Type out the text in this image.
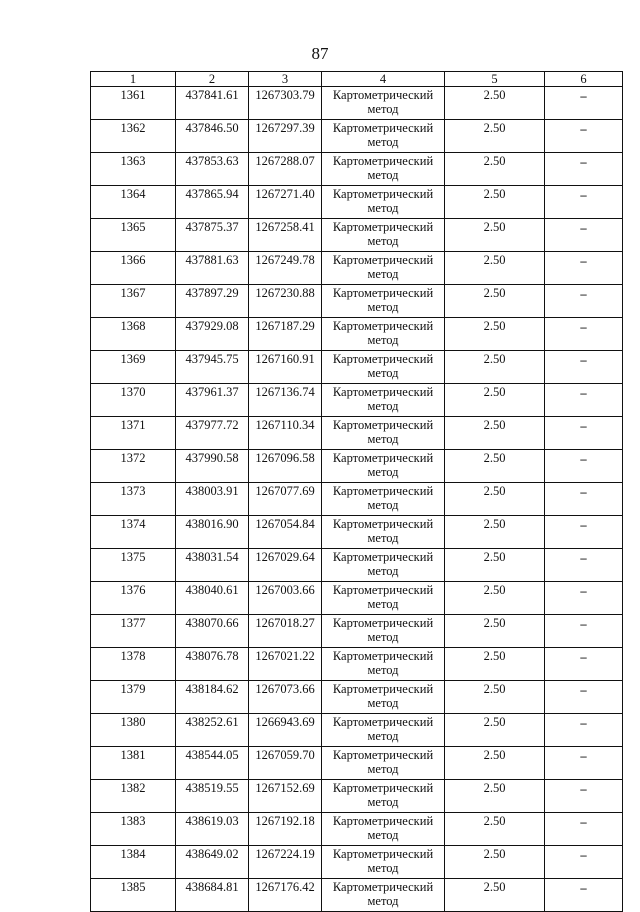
87
1	2	3	4	5	6
1361	437841.61	1267303.79	Картометрический метод	2.50	–
1362	437846.50	1267297.39	Картометрический метод	2.50	–
1363	437853.63	1267288.07	Картометрический метод	2.50	–
1364	437865.94	1267271.40	Картометрический метод	2.50	–
1365	437875.37	1267258.41	Картометрический метод	2.50	–
1366	437881.63	1267249.78	Картометрический метод	2.50	–
1367	437897.29	1267230.88	Картометрический метод	2.50	–
1368	437929.08	1267187.29	Картометрический метод	2.50	–
1369	437945.75	1267160.91	Картометрический метод	2.50	–
1370	437961.37	1267136.74	Картометрический метод	2.50	–
1371	437977.72	1267110.34	Картометрический метод	2.50	–
1372	437990.58	1267096.58	Картометрический метод	2.50	–
1373	438003.91	1267077.69	Картометрический метод	2.50	–
1374	438016.90	1267054.84	Картометрический метод	2.50	–
1375	438031.54	1267029.64	Картометрический метод	2.50	–
1376	438040.61	1267003.66	Картометрический метод	2.50	–
1377	438070.66	1267018.27	Картометрический метод	2.50	–
1378	438076.78	1267021.22	Картометрический метод	2.50	–
1379	438184.62	1267073.66	Картометрический метод	2.50	–
1380	438252.61	1266943.69	Картометрический метод	2.50	–
1381	438544.05	1267059.70	Картометрический метод	2.50	–
1382	438519.55	1267152.69	Картометрический метод	2.50	–
1383	438619.03	1267192.18	Картометрический метод	2.50	–
1384	438649.02	1267224.19	Картометрический метод	2.50	–
1385	438684.81	1267176.42	Картометрический метод	2.50	–
